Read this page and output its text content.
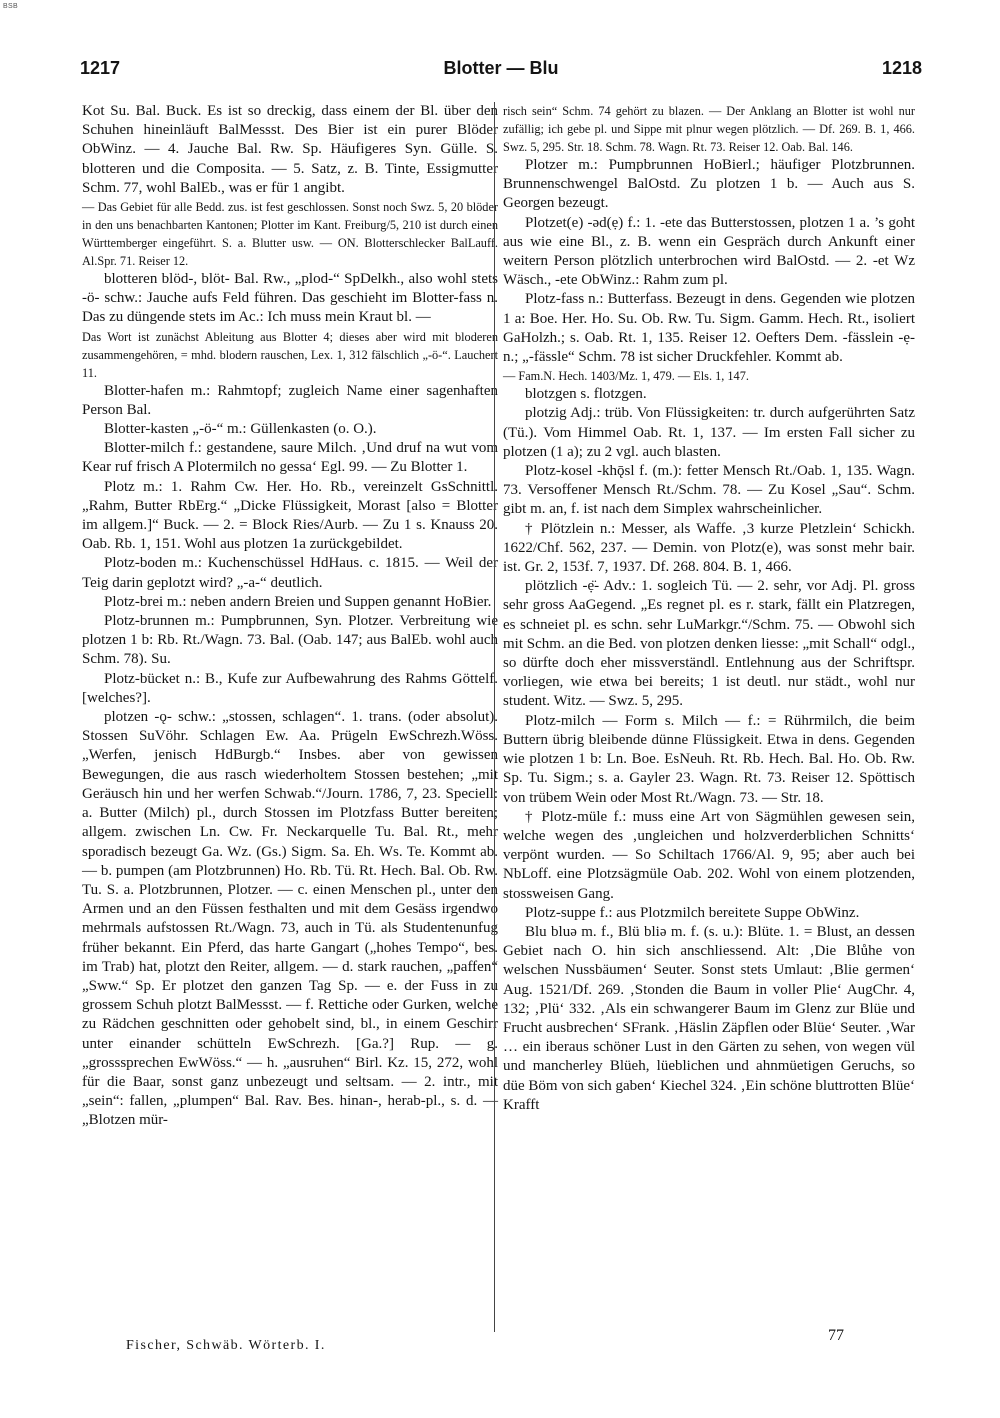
BSB
1217	Blotter — Blu	1218

Kot Su. Bal. Buck. Es ist so dreckig, dass einem der Bl. über den Schuhen hineinläuft BalMessst. Des Bier ist ein purer Blöder ObWinz. — 4. Jauche Bal. Rw. Sp. Häufigeres Syn. Gülle. S. blotteren und die Composita. — 5. Satz, z. B. Tinte, Essigmutter Schm. 77, wohl BalEb., was er für 1 angibt.

— Das Gebiet für alle Bedd. zus. ist fest geschlossen. Sonst noch Swz. 5, 20 blöder in den uns benachbarten Kantonen; Plotter im Kant. Freiburg/5, 210 ist durch einen Württemberger eingeführt. S. a. Blutter usw. — ON. Blotterschlecker BalLauff. Al.Spr. 71. Reiser 12.

blotteren blöd-, blöt- Bal. Rw., „plod-“ SpDelkh., also wohl stets -ö- schw.: Jauche aufs Feld führen. Das geschieht im Blotter-fass n. Das zu düngende stets im Ac.: Ich muss mein Kraut bl. —

Das Wort ist zunächst Ableitung aus Blotter 4; dieses aber wird mit bloderen zusammengehören, = mhd. blodern rauschen, Lex. 1, 312 fälschlich „-ö-“. Lauchert 11.

Blotter-hafen m.: Rahmtopf; zugleich Name einer sagenhaften Person Bal.

Blotter-kasten „-ö-“ m.: Güllenkasten (o. O.).

Blotter-milch f.: gestandene, saure Milch. ‚Und druf na wut vom Kear ruf frisch A Plotermilch no gessa‘ Egl. 99. — Zu Blotter 1.

Plotz m.: 1. Rahm Cw. Her. Ho. Rb., vereinzelt GsSchnittl. „Rahm, Butter RbErg.“ „Dicke Flüssigkeit, Morast [also = Blotter im allgem.]“ Buck. — 2. = Block Ries/Aurb. — Zu 1 s. Knauss 20. Oab. Rb. 1, 151. Wohl aus plotzen 1a zurückgebildet.

Plotz-boden m.: Kuchenschüssel HdHaus. c. 1815. — Weil der Teig darin geplotzt wird? „-a-“ deutlich.

Plotz-brei m.: neben andern Breien und Suppen genannt HoBier.

Plotz-brunnen m.: Pumpbrunnen, Syn. Plotzer. Verbreitung wie plotzen 1 b: Rb. Rt./Wagn. 73. Bal. (Oab. 147; aus BalEb. wohl auch Schm. 78). Su.

Plotz-bücket n.: B., Kufe zur Aufbewahrung des Rahms Göttelf. [welches?].

plotzen -ǫ- schw.: „stossen, schlagen“. 1. trans. (oder absolut). Stossen SuVöhr. Schlagen Ew. Aa. Prügeln EwSchrezh.Wöss. „Werfen, jenisch HdBurgb.“ Insbes. aber von gewissen Bewegungen, die aus rasch wiederholtem Stossen bestehen; „mit Geräusch hin und her werfen Schwab.“/Journ. 1786, 7, 23. Speciell: a. Butter (Milch) pl., durch Stossen im Plotzfass Butter bereiten; allgem. zwischen Ln. Cw. Fr. Neckarquelle Tu. Bal. Rt., mehr sporadisch bezeugt Ga. Wz. (Gs.) Sigm. Sa. Eh. Ws. Te. Kommt ab. — b. pumpen (am Plotzbrunnen) Ho. Rb. Tü. Rt. Hech. Bal. Ob. Rw. Tu. S. a. Plotzbrunnen, Plotzer. — c. einen Menschen pl., unter den Armen und an den Füssen festhalten und mit dem Gesäss irgendwo mehrmals aufstossen Rt./Wagn. 73, auch in Tü. als Studentenunfug früher bekannt. Ein Pferd, das harte Gangart („hohes Tempo“, bes. im Trab) hat, plotzt den Reiter, allgem. — d. stark rauchen, „paffen“ „Sww.“ Sp. Er plotzet den ganzen Tag Sp. — e. der Fuss in zu grossem Schuh plotzt BalMessst. — f. Rettiche oder Gurken, welche zu Rädchen geschnitten oder gehobelt sind, bl., in einem Geschirr unter einander schütteln EwSchrezh. [Ga.?] Rup. — g. „grosssprechen EwWöss.“ — h. „ausruhen“ Birl. Kz. 15, 272, wohl für die Baar, sonst ganz unbezeugt und seltsam. — 2. intr., mit „sein“: fallen, „plumpen“ Bal. Rav. Bes. hinan-, herab-pl., s. d. — „Blotzen mür-

risch sein“ Schm. 74 gehört zu blazen. — Der Anklang an Blotter ist wohl nur zufällig; ich gebe pl. und Sippe mit plnur wegen plötzlich. — Df. 269. B. 1, 466. Swz. 5, 295. Str. 18. Schm. 78. Wagn. Rt. 73. Reiser 12. Oab. Bal. 146.

Plotzer m.: Pumpbrunnen HoBierl.; häufiger Plotzbrunnen. Brunnenschwengel BalOstd. Zu plotzen 1 b. — Auch aus S. Georgen bezeugt.

Plotzet(e) -əd(ẹ) f.: 1. -ete das Butterstossen, plotzen 1 a. ’s goht aus wie eine Bl., z. B. wenn ein Gespräch durch Ankunft einer weitern Person plötzlich unterbrochen wird BalOstd. — 2. -et Wz Wäsch., -ete ObWinz.: Rahm zum pl.

Plotz-fass n.: Butterfass. Bezeugt in dens. Gegenden wie plotzen 1 a: Boe. Her. Ho. Su. Ob. Rw. Tu. Sigm. Gamm. Hech. Rt., isoliert GaHolzh.; s. Oab. Rt. 1, 135. Reiser 12. Oefters Dem. -fässlein -ẹ- n.; „-fässle“ Schm. 78 ist sicher Druckfehler. Kommt ab.

— Fam.N. Hech. 1403/Mz. 1, 479. — Els. 1, 147.

blotzgen s. flotzgen.

plotzig Adj.: trüb. Von Flüssigkeiten: tr. durch aufgerührten Satz (Tü.). Vom Himmel Oab. Rt. 1, 137. — Im ersten Fall sicher zu plotzen (1 a); zu 2 vgl. auch blasten.

Plotz-kosel -khǭsl f. (m.): fetter Mensch Rt./Oab. 1, 135. Wagn. 73. Versoffener Mensch Rt./Schm. 78. — Zu Kosel „Sau“. Schm. gibt m. an, f. ist nach dem Simplex wahrscheinlicher.

† Plötzlein n.: Messer, als Waffe. ‚3 kurze Pletzlein‘ Schickh. 1622/Chf. 562, 237. — Demin. von Plotz(e), was sonst mehr bair. ist. Gr. 2, 153f. 7, 1937. Df. 268. 804. B. 1, 466.

plötzlich -ẹ̈- Adv.: 1. sogleich Tü. — 2. sehr, vor Adj. Pl. gross sehr gross AaGegend. „Es regnet pl. es r. stark, fällt ein Platzregen, es schneiet pl. es schn. sehr LuMarkgr.“/Schm. 75. — Obwohl sich mit Schm. an die Bed. von plotzen denken liesse: „mit Schall“ odgl., so dürfte doch eher missverständl. Entlehnung aus der Schriftspr. vorliegen, wie etwa bei bereits; 1 ist deutl. nur städt., wohl nur student. Witz. — Swz. 5, 295.

Plotz-milch — Form s. Milch — f.: = Rührmilch, die beim Buttern übrig bleibende dünne Flüssigkeit. Etwa in dens. Gegenden wie plotzen 1 b: Ln. Boe. EsNeuh. Rt. Rb. Hech. Bal. Ho. Ob. Rw. Sp. Tu. Sigm.; s. a. Gayler 23. Wagn. Rt. 73. Reiser 12. Spöttisch von trübem Wein oder Most Rt./Wagn. 73. — Str. 18.

† Plotz-müle f.: muss eine Art von Sägmühlen gewesen sein, welche wegen des ‚ungleichen und holzverderblichen Schnitts‘ verpönt wurden. — So Schiltach 1766/Al. 9, 95; aber auch bei NbLoff. eine Plotzsägmüle Oab. 202. Wohl von einem plotzenden, stossweisen Gang.

Plotz-suppe f.: aus Plotzmilch bereitete Suppe ObWinz.

Blu bluə m. f., Blü bliə m. f. (s. u.): Blüte. 1. = Blust, an dessen Gebiet nach O. hin sich anschliessend. Alt: ‚Die Blůhe von welschen Nussbäumen‘ Seuter. Sonst stets Umlaut: ‚Blie germen‘ Aug. 1521/Df. 269. ‚Stonden die Baum in voller Plie‘ AugChr. 4, 132; ‚Plü‘ 332. ‚Als ein schwangerer Baum im Glenz zur Blüe und Frucht ausbrechen‘ SFrank. ‚Häslin Zäpflen oder Blüe‘ Seuter. ‚War … ein iberaus schöner Lust in den Gärten zu sehen, von wegen vül und mancherley Blüeh, lüeblichen und ahnmüetigen Geruchs, so düe Böm von sich gaben‘ Kiechel 324. ‚Ein schöne bluttrotten Blüe‘ Krafft

Fischer, Schwäb. Wörterb. I.
77
